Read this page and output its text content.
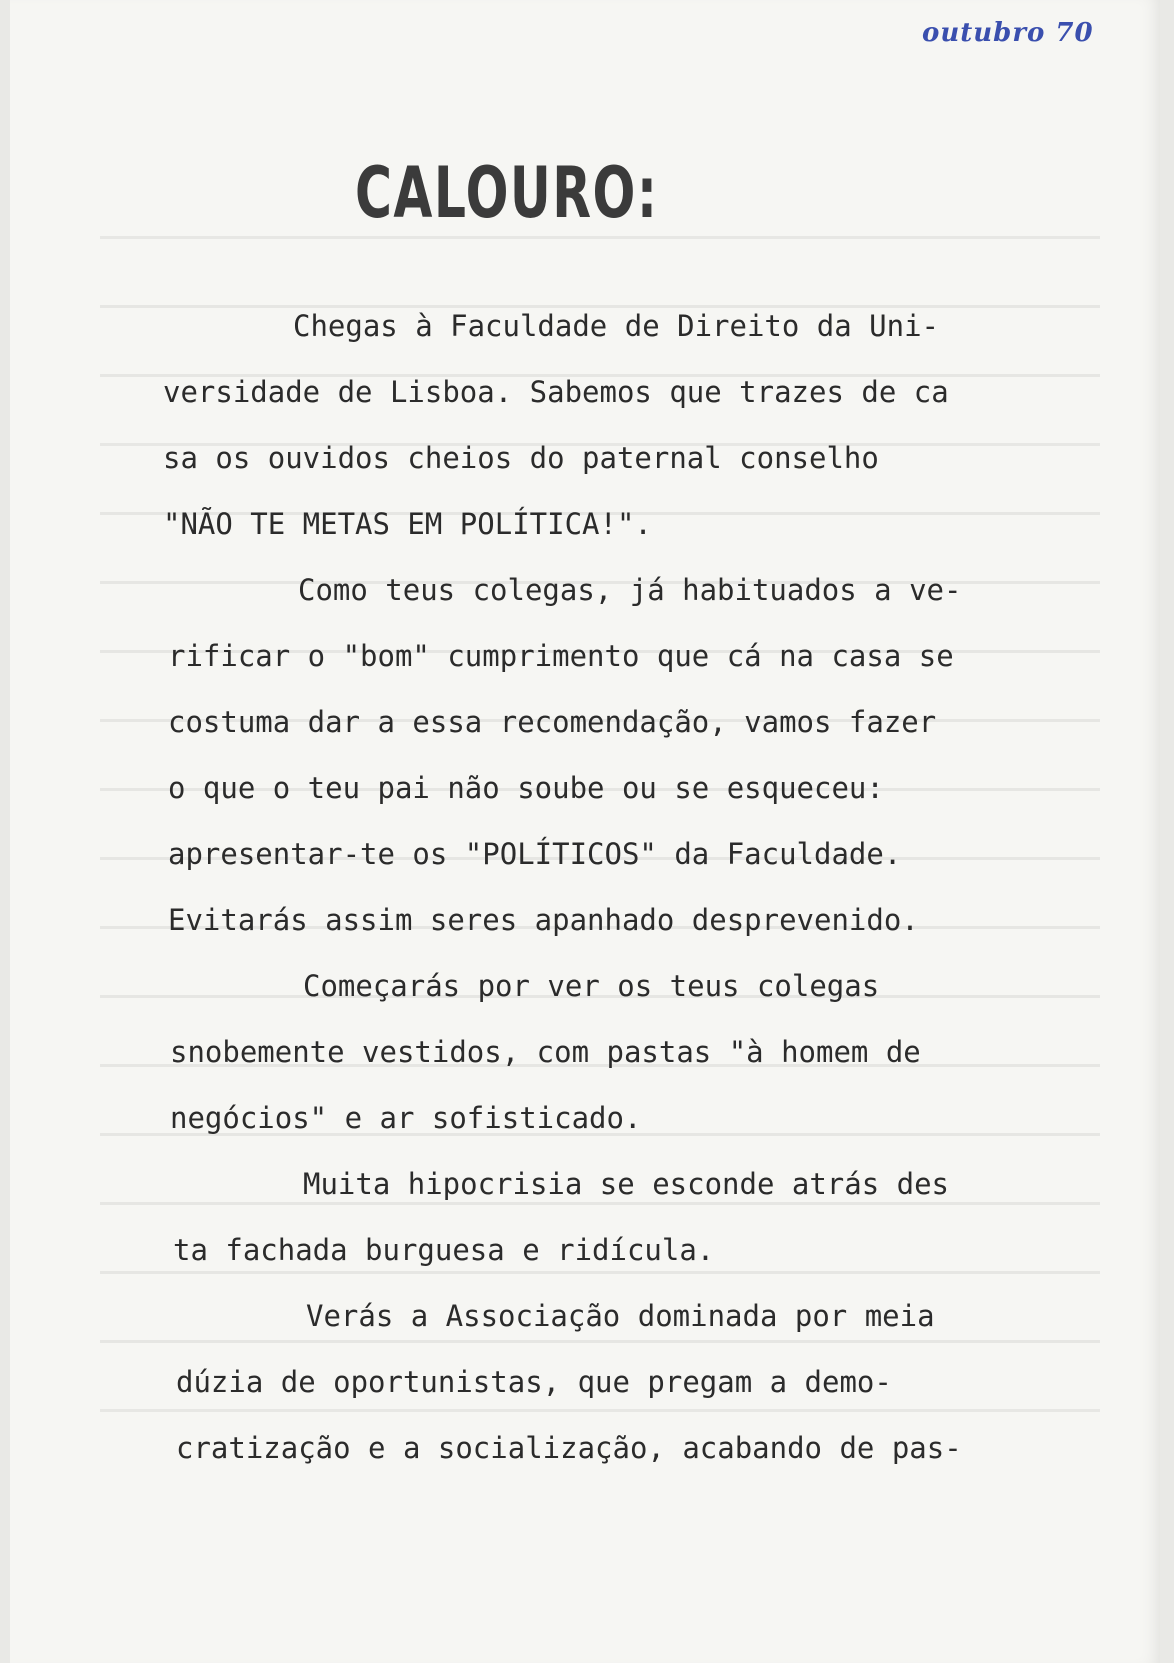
outubro 70
CALOURO:
Chegas à Faculdade de Direito da Uni-
versidade de Lisboa. Sabemos que trazes de ca
sa os ouvidos cheios do paternal conselho
"NÃO TE METAS EM POLÍTICA!".
Como teus colegas, já habituados a ve-
rificar o "bom" cumprimento que cá na casa se
costuma dar a essa recomendação, vamos fazer
o que o teu pai não soube ou se esqueceu:
apresentar-te os "POLÍTICOS" da Faculdade.
Evitarás assim seres apanhado desprevenido.
Começarás por ver os teus colegas
snobemente vestidos, com pastas "à homem de
negócios" e ar sofisticado.
Muita hipocrisia se esconde atrás des
ta fachada burguesa e ridícula.
Verás a Associação dominada por meia
dúzia de oportunistas, que pregam a demo-
cratização e a socialização, acabando de pas-
